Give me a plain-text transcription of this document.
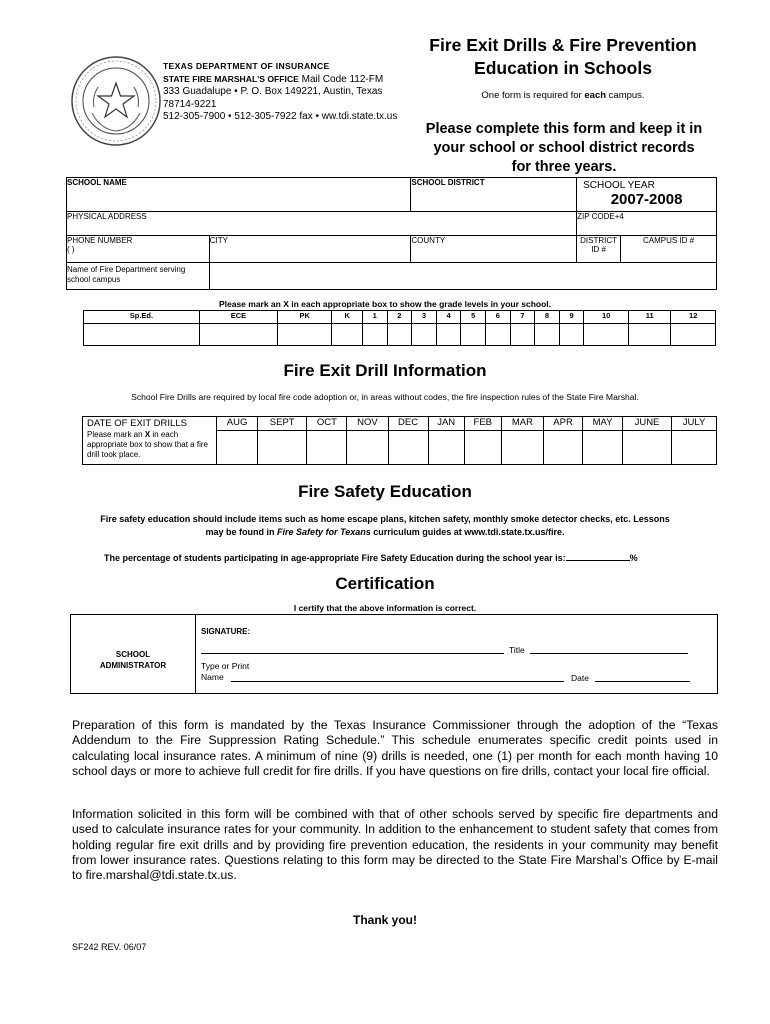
TEXAS DEPARTMENT OF INSURANCE
STATE FIRE MARSHAL'S OFFICE Mail Code 112-FM
333 Guadalupe • P. O. Box 149221, Austin, Texas
78714-9221
512-305-7900 • 512-305-7922 fax • ww.tdi.state.tx.us
Fire Exit Drills & Fire Prevention
Education in Schools
One form is required for each campus.
Please complete this form and keep it in
your school or school district records
for three years.
SCHOOL NAME		SCHOOL DISTRICT	SCHOOL YEAR
2007-2008	

PHYSICAL ADDRESS			ZIP CODE+4	

PHONE NUMBER
( )	CITY	COUNTY	DISTRICT ID #	CAMPUS ID #
Name of Fire Department serving school campus				
Please mark an X in each appropriate box to show the grade levels in your school.
Sp.Ed.	ECE	PK	K	1	2	3	4	5	6	7	8	9	10	11	12

Fire Exit Drill Information
School Fire Drills are required by local fire code adoption or, in areas without codes, the fire inspection rules of the State Fire Marshal.
DATE OF EXIT DRILLS
Please mark an X in each appropriate box to show that a fire drill took place.	AUG	SEPT	OCT	NOV	DEC	JAN	FEB	MAR	APR	MAY	JUNE	JULY

Fire Safety Education
Fire safety education should include items such as home escape plans, kitchen safety, monthly smoke detector checks, etc. Lessons
may be found in Fire Safety for Texans curriculum guides at www.tdi.state.tx.us/fire.
The percentage of students participating in age-appropriate Fire Safety Education during the school year is:	%
Certification
I certify that the above information is correct.
SCHOOL
ADMINISTRATOR
SIGNATURE:
Title
Type or Print
Name	Date
Preparation of this form is mandated by the Texas Insurance Commissioner through the adoption of the “Texas Addendum to the Fire Suppression Rating Schedule.” This schedule enumerates specific credit points used in calculating local insurance rates. A minimum of nine (9) drills is needed, one (1) per month for each month having 10 school days or more to achieve full credit for fire drills. If you have questions on fire drills, contact your local fire official.
Information solicited in this form will be combined with that of other schools served by specific fire departments and used to calculate insurance rates for your community. In addition to the enhancement to student safety that comes from holding regular fire exit drills and by providing fire prevention education, the residents in your community may benefit from lower insurance rates. Questions relating to this form may be directed to the State Fire Marshal’s Office by E-mail to fire.marshal@tdi.state.tx.us.
Thank you!
SF242 REV. 06/07
